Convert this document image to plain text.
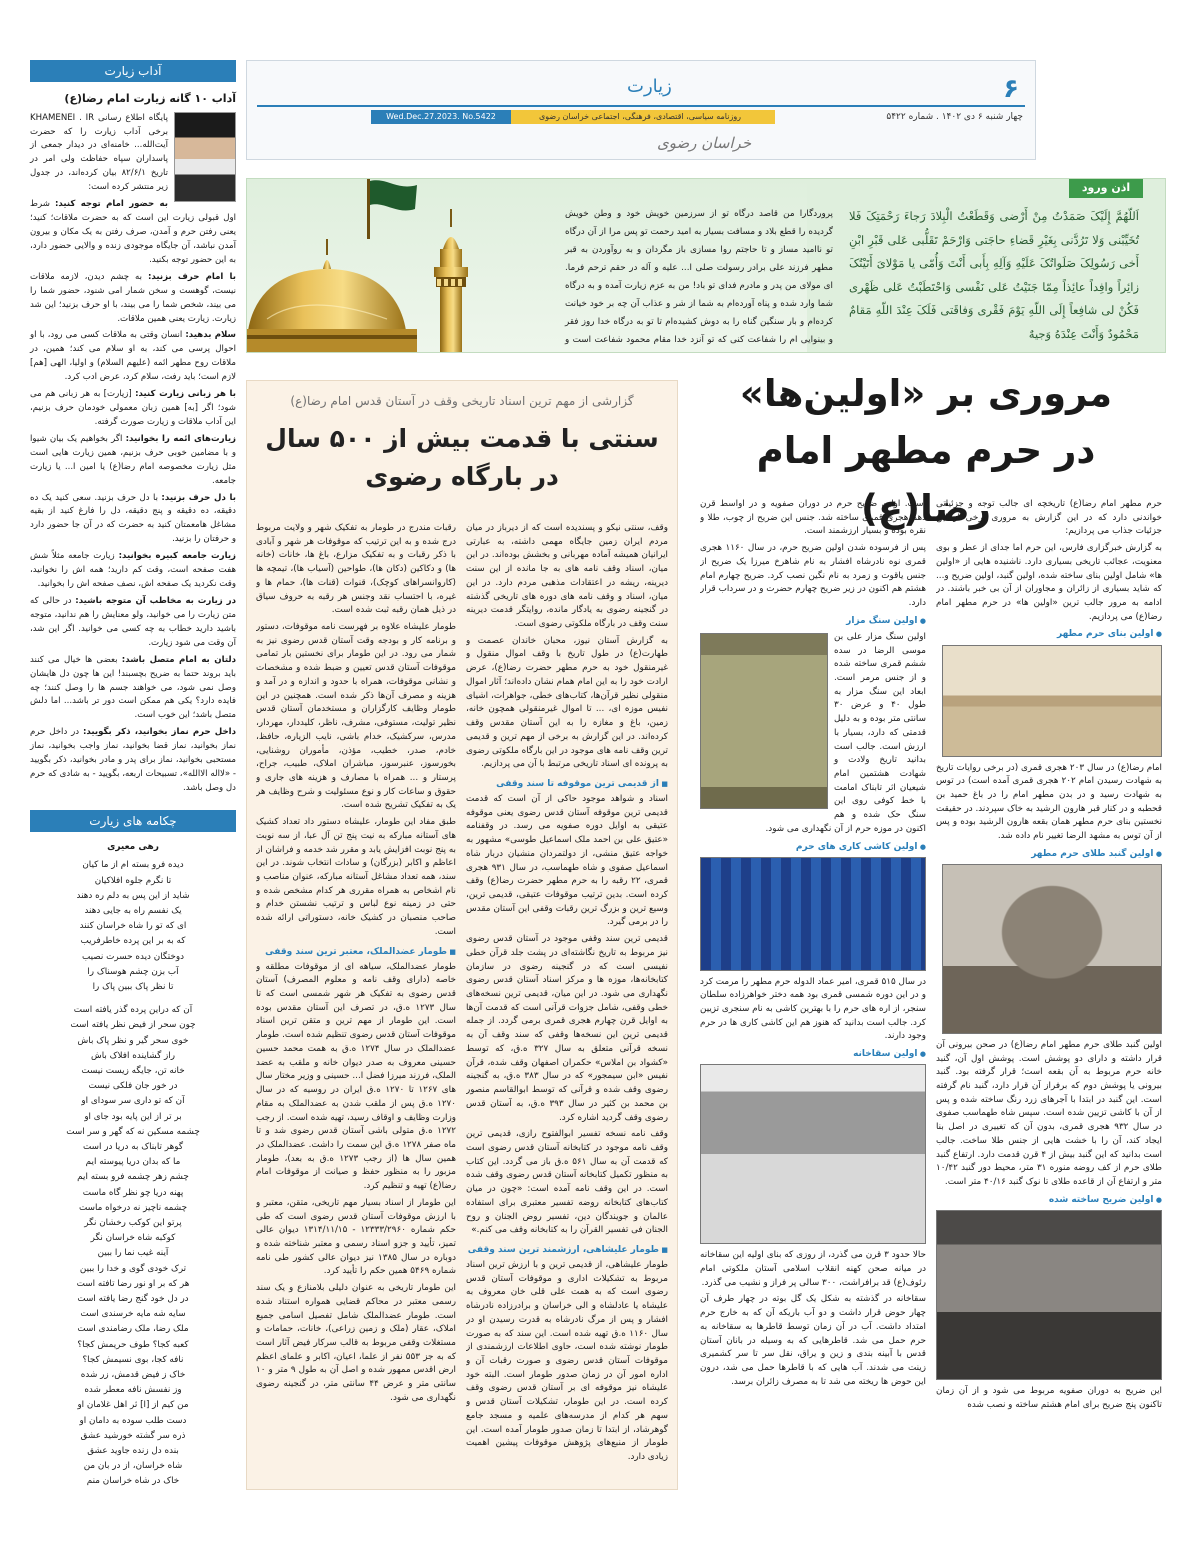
۶
زیارت
چهار شنبه ۶ دی ۱۴۰۲ . شماره ۵۴۲۲
روزنامه سیاسی، اقتصادی، فرهنگی، اجتماعی خراسان رضوی
Wed.Dec.27.2023. No.5422
خراسان رضوی
آداب زیارت
آداب ۱۰ گانه زیارت امام رضا(ع)
پایگاه اطلاع رسانی KHAMENEI . IR برخی آداب زیارت را که حضرت آیت‌الله... خامنه‌ای در دیدار جمعی از پاسداران سپاه حفاظت ولی امر در تاریخ ۸۲/۶/۱ بیان کرده‌اند، در جدول زیر منتشر کرده است:
به حضور امام توجه کنید: شرط اول قبولی زیارت این است که به حضرت ملاقات؛ کنید؛ یعنی رفتن حرم و آمدن، صرف رفتن به یک مکان و بیرون آمدن نباشد، آن جایگاه موجودی زنده و والایی حضور دارد، به این حضور توجه بکنید.
با امام حرف بزنید: به چشم دیدن، لازمه ملاقات نیست، گوهست و سخن شمار امی شنود، حضور شما را می بیند، شخص شما را می بیند، با او حرف بزنید؛ این شد زیارت. زیارت یعنی همین ملاقات.
سلام بدهید: انسان وقتی به ملاقات کسی می رود، با او احوال پرسی می کند، به او سلام می کند؛ همین، در ملاقات روح مطهر ائمه (علیهم السلام) و اولیا، الهی [هم] لازم است؛ باید رفت، سلام کرد، عرض ادب کرد.
با هر زبانی زیارت کنید: [زیارت] به هر زبانی هم می شود؛ اگر [به] همین زبان معمولی خودمان حرف بزنیم، این آداب ملاقات و زیارت صورت گرفته.
زیارت‌های ائمه را بخوانید: اگر بخواهیم یک بیان شیوا و با مضامین خوبی حرف بزنیم، همین زیارت هایی است مثل زیارت مخصوصه امام رضا(ع) یا امین ا... یا زیارت جامعه.
با دل حرف بزنید: با دل حرف بزنید. سعی کنید یک ده دقیقه، ده دقیقه و پنج دقیقه، دل را فارغ کنید از بقیه مشاغل هامعمتان کنید به حضرت که در آن جا حضور دارد و حرفتان را بزنید.
زیارت جامعه کبیره بخوانید: زیارت جامعه مثلاً شش هفت صفحه است، وقت کم دارید؛ همه اش را نخوانید، وقت نکردید یک صفحه اش، نصف صفحه اش را بخوانید.
در زیارت به مخاطب آن متوجه باشید: در حالی که متن زیارت را می خوانید، ولو معنایش را هم ندانید، متوجه باشید دارید خطاب به چه کسی می خوانید. اگر این شد، آن وقت می شود زیارت.
دلتان به امام متصل باشد: بعضی ها خیال می کنند باید بروند حتما به ضریح بچسبند! این ها چون دل هایشان وصل نمی شود، می خواهند جسم ها را وصل کنند؛ چه فایده دارد؟ یکی هم ممکن است دور تر باشد... اما دلش متصل باشد؛ این خوب است.
داخل حرم نماز بخوانید، ذکر بگویید: در داخل حرم نماز بخوانید، نماز قضا بخوانید، نماز واجب بخوانید، نماز مستحبی بخوانید، نماز برای پدر و مادر بخوانید، ذکر بگویید - «لااله الاالله»، تسبیحات اربعه، بگویید - به شادی که حرم دل وصل باشد.
چکامه های زیارت
رهی معیری
دیده فرو بسته ام از ما کیان
تا نگرم جلوه افلاکیان
شاید از این پس به دلم ره دهند
یک نفسم راه به جایی دهند
ای که تو را شاه خراسان کنند
که به بر این پرده خاطرفریب
دوختگان دیده حسرت نصیب
آب بزن چشم هوسناک را
تا نظر پاک ببین پاک را
آن که دراین پرده گذر یافته است
چون سحر از فیض نظر یافته است
خوی سحر گیر و نظر پاک باش
راز گشاینده افلاک باش
خانه تن، جایگه زیست نیست
در خور جان فلکی نیست
آن که تو داری سر سودای او
بر تر از این پایه بود جای او
چشمه مسکین نه که گهر و سر است
گوهر تابناک به دریا در است
ما که بدان دریا پیوسته ایم
چشم زهر چشمه فرو بسته ایم
پهنه دریا چو نظر گاه ماست
چشمه ناچیز نه درخواه ماست
پرتو این کوکب رخشان نگر
کوکبه شاه خراسان نگر
آینه غیب نما را ببین
ترک خودی گوی و خدا را ببین
هر که بر او نور رضا تافته است
در دل خود گنج رضا یافته است
سایه شه مایه خرسندی است
ملک رضا، ملک رضامندی است
کعبه کجا؟ طوف حریمش کجا؟
نافه کجا، بوی نسیمش کجا؟
خاک ز فیض قدمش، زر شده
وز نفسش نافه معطر شده
من کیم از [ا] ثر اهل غلامان او
دست طلب سوده به دامان او
ذره سر گشته خورشید عشق
بنده دل زنده جاوید عشق
شاه خراسان، از در بان من
خاک در شاه خراسان منم
اذن ورود
اَللّهُمَّ إِلَیْکَ صَمَدْتُ مِنْ أَرْضی وَقَطَعْتُ الْبِلادَ رَجاءَ رَحْمَتِکَ فَلا تُخَیِّبْنی وَلا تَرُدَّنی بِغَیْرِ قَضاءِ حاجَتی وَارْحَمْ تَقَلُّبی عَلی قَبْرِ ابْنِ أَخی رَسُولِکَ صَلَواتُکَ عَلَیْهِ وَآلِهِ بِأَبی أَنْتَ وَأُمّی یا مَوْلایَ أَتَیْتُکَ زائِراً وافِداً عائِذاً مِمّا جَنَیْتُ عَلی نَفْسی وَاحْتَطَبْتُ عَلی ظَهْری فَکُنْ لی شافِعاً إِلَی اللّهِ یَوْمَ فَقْری وَفاقَتی فَلَکَ عِنْدَ اللّهِ مَقامٌ مَحْمُودٌ وَأَنْتَ عِنْدَهُ وَجیهٌ
پروردگارا من قاصد درگاه تو از سرزمین خویش خود و وطن خویش گردیده را قطع بلاد و مسافت بسیار به امید رحمت تو پس مرا از آن درگاه تو ناامید مساز و تا حاجتم روا مسازی باز مگردان و به روآوردن به قبر مطهر فرزند علی برادر رسولت صلی ا... علیه و آله در حقم ترحم فرما. ای مولای من پدر و مادرم فدای تو باد! من به عزم زیارت آمده و به درگاه شما وارد شده و پناه آورده‌ام به شما از شر و عذاب آن چه بر خود خیانت کرده‌ام و بار سنگین گناه را به دوش کشیده‌ام تا تو به درگاه خدا روز فقر و بینوایی ام را شفاعت کنی که تو آنزد خدا مقام محمود شفاعت است و
گزارشی از مهم ترین اسناد تاریخی وقف در آستان قدس امام رضا(ع)
سنتی با قدمت بیش از ۵۰۰ سال در بارگاه رضوی
وقف، سنتی نیکو و پسندیده است که از دیرباز در میان مردم ایران زمین جایگاه مهمی داشته، به عبارتی ایرانیان همیشه آماده مهربانی و بخشش بوده‌اند. در این میان، اسناد وقف نامه های به جا مانده از این سنت دیرینه، ریشه در اعتقادات مذهبی مردم دارد. در این میان، اسناد و وقف نامه های دوره های تاریخی گذشته در گنجینه رضوی به یادگار مانده، روایتگر قدمت دیرینه سنت وقف در بارگاه ملکوتی رضوی است.
به گزارش آستان نیوز، محبان خاندان عصمت و طهارت(ع) در طول تاریخ با وقف اموال منقول و غیرمنقول خود به حرم مطهر حضرت رضا(ع)، عرض ارادت خود را به این امام همام نشان داده‌اند؛ آثار اموال منقولی نظیر قرآن‌ها، کتاب‌های خطی، جواهرات، اشیای نفیس موزه ای، ... تا اموال غیرمنقولی همچون خانه، زمین، باغ و مغازه را به این آستان مقدس وقف کرده‌اند. در این گزارش به برخی از مهم ترین و قدیمی ترین وقف نامه های موجود در این بارگاه ملکوتی رضوی به پرونده ای اسناد تاریخی مرتبط با آن می پردازیم.
■ از قدیمی ترین موقوفه تا سند وقفی
اسناد و شواهد موجود حاکی از آن است که قدمت قدیمی ترین موقوفه آستان قدس رضوی یعنی موقوفه عتیقی به اوایل دوره صفویه می رسد. در وقفنامه «عتیق علی بن احمد ملک اسماعیل طوسی» مشهور به خواجه عتیق منشی، از دولتمردان منشیان دربار شاه اسماعیل صفوی و شاه طهماسب، در سال ۹۳۱ هجری قمری، ۲۲ رقبه را به حرم مطهر حضرت رضا(ع) وقف کرده است. بدین ترتیب موقوفات عتیقی، قدیمی ترین، وسیع ترین و بزرگ ترین رقبات وقفی این آستان مقدس را در برمی گیرد.
قدیمی ترین سند وقفی موجود در آستان قدس رضوی نیز مربوط به تاریخ نگاشته‌ای در پشت جلد قرآن خطی نفیسی است که در گنجینه رضوی در سازمان کتابخانه‌ها، موزه ها و مرکز اسناد آستان قدس رضوی نگهداری می شود. در این میان، قدیمی ترین نسخه‌های خطی وقفی، شامل جزوات قرآنی است که قدمت آن‌ها به اوایل قرن چهارم هجری قمری برمی گردد. از جمله قدیمی ترین این نسخه‌ها وقفی که سند وقف آن به نسخه قرآنی متعلق به سال ۳۲۷ ه.ق، که توسط «کشواد بن املاس» حکمران اصفهان وقف شده، قرآن نفیس «ابن سیمجور» که در سال ۳۸۳ ه.ق، به گنجینه رضوی وقف شده و قرآنی که توسط ابوالقاسم منصور بن محمد بن کثیر در سال ۳۹۳ ه.ق، به آستان قدس رضوی وقف گردید اشاره کرد.
وقف نامه نسخه تفسیر ابوالفتوح رازی، قدیمی ترین وقف نامه موجود در کتابخانه آستان قدس رضوی است که قدمت آن به سال ۵۶۱ ه.ق باز می گردد. این کتاب به منظور تکمیل کتابخانه آستان قدس رضوی وقف شده است. در این وقف نامه آمده است: «چون در میان کتاب‌های کتابخانه روضه تفسیر معتبری برای استفاده عالمان و جویندگان دین، تفسیر روض الجنان و روح الجنان فی تفسیر القرآن را به کتابخانه وقف می کنم.»
■ طومار علیشاهی، ارزشمند ترین سند وقفی
طومار علیشاهی، از قدیمی ترین و با ارزش ترین اسناد مربوط به تشکیلات اداری و موقوفات آستان قدس رضوی است که به همت علی قلی خان معروف به علیشاه یا عادلشاه و الی خراسان و برادرزاده نادرشاه افشار و پس از مرگ نادرشاه به قدرت رسیدن او در سال ۱۱۶۰ ه.ق تهیه شده است. این سند که به صورت طومار نوشته شده است، حاوی اطلاعات ارزشمندی از موقوفات آستان قدس رضوی و صورت رقبات آن و اداره امور آن در زمان صدور طومار است. البته خود علیشاه نیز موقوفه ای بر آستان قدس رضوی وقف کرده است. در این طومار، تشکیلات آستان قدس و سهم هر کدام از مدرسه‌های علمیه و مسجد جامع گوهرشاد، از ابتدا تا زمان صدور طومار آمده است. این طومار از منبع‌های پژوهش موقوفات پیشین اهمیت زیادی دارد.
رقبات مندرج در طومار به تفکیک شهر و ولایت مربوط درج شده و به این ترتیب که موقوفات هر شهر و آبادی با ذکر رقبات و به تفکیک مزارع، باغ ها، خانات (خانه ها) و دکاکین (دکان ها)، طواحین (آسیاب ها)، تیمچه ها (کاروانسراهای کوچک)، قنوات (قنات ها)، حمام ها و غیره، با احتساب نقد وجنس هر رقبه به حروف سیاق در ذیل همان رقبه ثبت شده است.
طومار علیشاه علاوه بر فهرست نامه موقوفات، دستور و برنامه کار و بودجه وقت آستان قدس رضوی نیز به شمار می رود. در این طومار برای نخستین بار تمامی موقوفات آستان قدس تعیین و ضبط شده و مشخصات و نشانی موقوفات، همراه با حدود و اندازه و در آمد و هزینه و مصرف آن‌ها ذکر شده است. همچنین در این طومار وظایف کارگزاران و مستخدمان آستان قدس نظیر تولیت، مستوفی، مشرف، ناظر، کلیددار، مهردار، مدرس، سرکشیک، خدام باشی، نایب الزیاره، حافظ، خادم، صدر، خطیب، مؤذن، مأموران روشنایی، بخورسوز، عنبرسوز، مباشران املاک، طبیب، جراح، پرستار و ... همراه با مصارف و هزینه های جاری و حقوق و ساعات کار و نوع مسئولیت و شرح وظایف هر یک به تفکیک تشریح شده است.
طبق مفاد این طومار، علیشاه دستور داد تعداد کشیک های آستانه مبارکه به نیت پنج تن آل عبا، از سه نوبت به پنج نوبت افزایش یابد و مقرر شد خدمه و فراشان از اعاظم و اکابر (بزرگان) و سادات انتخاب شوند. در این سند، همه تعداد مشاغل آستانه مبارکه، عنوان مناصب و نام اشخاص به همراه مقرری هر کدام مشخص شده و حتی در زمینه نوع لباس و ترتیب نشستن خدام و صاحب منصبان در کشیک خانه، دستوراتی ارائه شده است.
■ طومار عضدالملک، معتبر ترین سند وقفی
طومار عضدالملک، سیاهه ای از موقوفات مطلقه و خاصه (دارای وقف نامه و معلوم المصرف) آستان قدس رضوی به تفکیک هر شهر شمسی است که تا سال ۱۲۷۳ ه.ق، در تصرف این آستان مقدس بوده است. این طومار از مهم ترین و متقن ترین اسناد موقوفات آستان قدس رضوی تنظیم شده است. طومار عضدالملک در سال ۱۲۷۴ ه.ق به همت محمد حسین حسینی معروف به صدر دیوان خانه و ملقب به عضد الملک، فرزند میرزا فضل ا... حسینی و وزیر مختار سال های ۱۲۶۷ تا ۱۲۷۰ ه.ق ایران در روسیه که در سال ۱۲۷۰ ه.ق پس از ملقب شدن به عضدالملک به مقام وزارت وظایف و اوقاف رسید، تهیه شده است. از رجب ۱۲۷۲ ه.ق متولی باشی آستان قدس رضوی شد و تا ماه صفر ۱۲۷۸ ه.ق این سمت را داشت. عضدالملک در همین سال ها (از رجب ۱۲۷۳ ه.ق به بعد)، طومار مزبور را به منظور حفظ و صیانت از موقوفات امام رضا(ع) تهیه و تنظیم کرد.
این طومار از اسناد بسیار مهم تاریخی، متقن، معتبر و با ارزش موقوفات آستان قدس رضوی است که طی حکم شماره ۱۲۳۳۳/۲۹۶۰ - ۱۳۱۴/۱۱/۱۵ دیوان عالی تمیز، تأیید و جزو اسناد رسمی و معتبر شناخته شده و دوباره در سال ۱۳۸۵ نیز دیوان عالی کشور طی نامه شماره ۵۴۶۹ همین حکم را تأیید کرد.
این طومار تاریخی به عنوان دلیلی بلامنازع و یک سند رسمی معتبر در محاکم قضایی همواره استناد شده است. طومار عضدالملک شامل تفصیل اسامی جمیع املاک، عقار (ملک و زمین زراعی)، خانات، حمامات و مستغلات وقفی مربوط به قالب سرکار فیض آثار است که به جز ۵۵۳ نفر از علما، اعیان، اکابر و علمای اعظم ارض اقدس ممهور شده و اصل آن به طول ۹ متر و ۱۰ سانتی متر و عرض ۴۴ سانتی متر، در گنجینه رضوی نگهداری می شود.
مروری بر «اولین‌ها»
در حرم مطهر امام رضا(ع)
حرم مطهر امام رضا(ع) تاریخچه ای جالب توجه و جزئیاتی خواندنی دارد که در این گزارش به مروری برخی از این جزئیات جذاب می پردازیم:
به گزارش خبرگزاری فارس، این حرم اما جدای از عطر و بوی معنویت، عجائب تاریخی بسیاری دارد. ناشنیده هایی از «اولین ها» شامل اولین بنای ساخته شده، اولین گنبد، اولین ضریح و... که شاید بسیاری از زائران و مجاوران از آن بی خبر باشند. در ادامه به مرور جالب ترین «اولین ها» در حرم مطهر امام رضا(ع) می پردازیم.
● اولین بنای حرم مطهر
امام رضا(ع) در سال ۲۰۳ هجری قمری (در برخی روایات تاریخ به شهادت رسیدن امام ۲۰۲ هجری قمری آمده است) در توس به شهادت رسید و در بدن مطهر امام را در باغ حمید بن قحطبه و در کنار قبر هارون الرشید به خاک سپردند. در حقیقت نخستین بنای حرم مطهر همان بقعه هارون الرشید بوده و پس از آن توس به مشهد الرضا تغییر نام داده شد.
● اولین گنبد طلای حرم مطهر
اولین گنبد طلای حرم مطهر امام رضا(ع) در صحن بیرونی آن قرار داشته و دارای دو پوشش است. پوشش اول آن، گنبد خانه حرم مربوط به آن بقعه است؛ قرار گرفته بود. گنبد بیرونی یا پوشش دوم که برفراز آن قرار دارد، گنبد نام گرفته است. این گنبد در ابتدا با آجرهای زرد رنگ ساخته شده و پس از آن با کاشی تزیین شده است. سپس شاه طهماسب صفوی در سال ۹۳۲ هجری قمری، بدون آن که تغییری در اصل بنا ایجاد کند، آن را با خشت هایی از جنس طلا ساخت. جالب است بدانید که این گنبد بیش از ۴ قرن قدمت دارد. ارتفاع گنبد طلای حرم از کف روضه منوره ۳۱ متر، محیط دور گنبد ۱۰/۴۲ متر و ارتفاع آن از قاعده طلای تا نوک گنبد ۴۰/۱۶ متر است.
● اولین ضریح ساخته شده
این ضریح به دوران صفویه مربوط می شود و از آن زمان تاکنون پنج ضریح برای امام هشتم ساخته و نصب شده
است. اولین ضریح حرم در دوران صفویه و در اواسط قرن دهم هجری قمری ساخته شد. جنس این ضریح از چوب، طلا و نقره بوده و بسیار ارزشمند است.
پس از فرسوده شدن اولین ضریح حرم، در سال ۱۱۶۰ هجری قمری نوه نادرشاه افشار به نام شاهرخ میرزا یک ضریح از جنس یاقوت و زمرد به نام نگین نصب کرد. ضریح چهارم امام هشتم هم اکنون در زیر ضریح چهارم حضرت و در سرداب قرار دارد.
● اولین سنگ مزار
اولین سنگ مزار علی بن موسی الرضا در سده ششم قمری ساخته شده و از جنس مرمر است. ابعاد این سنگ مزار به طول ۴۰ و عرض ۳۰ سانتی متر بوده و به دلیل قدمتی که دارد، بسیار با ارزش است. جالب است بدانید تاریخ ولادت و شهادت هشتمین امام شیعیان اثر تابناک امامت با خط کوفی روی این سنگ حک شده و هم اکنون در موزه حرم از آن نگهداری می شود.
● اولین کاشی کاری های حرم
در سال ۵۱۵ قمری، امیر عماد الدوله حرم مطهر را مرمت کرد و در این دوره شمسی قمری بود همه دختر خواهرزاده سلطان سنجر، از اره های حرم را با بهترین کاشی به نام سنجری تزیین کرد. جالب است بدانید که هنوز هم این کاشی کاری ها در حرم وجود دارند.
● اولین سقاخانه
حالا حدود ۳ قرن می گذرد، از روزی که بنای اولیه این سقاخانه در میانه صحن کهنه انقلاب اسلامی آستان ملکوتی امام رئوف(ع) قد برافراشت، ۳۰۰ سالی پر فراز و نشیب می گذرد.
سقاخانه در گذشته به شکل یک گل بوته در چهار طرف آن چهار حوض قرار داشت و دو آب باریکه آن که به خارج حرم امتداد داشت. آب در آن زمان توسط قاطرها به سقاخانه به حرم حمل می شد. قاطرهایی که به وسیله در بانان آستان قدس با آبینه بندی و زین و یراق، نقل سر تا سر کشمیری زینت می شدند. آب هایی که با قاطرها حمل می شد، درون این حوض ها ریخته می شد تا به مصرف زائران برسد.
